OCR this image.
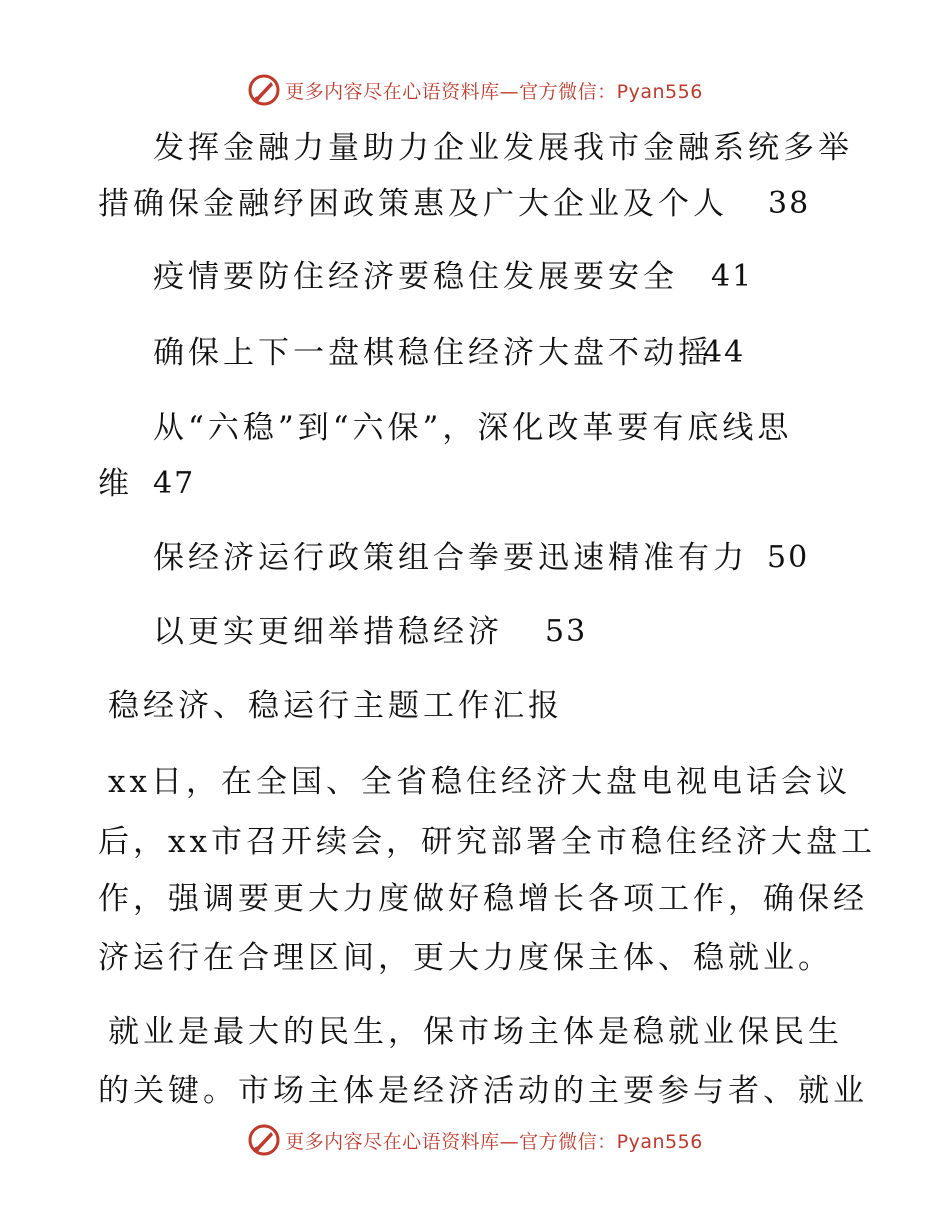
更多内容尽在心语资料库—官方微信：Pyan556
发挥金融力量助力企业发展我市金融系统多举
措确保金融纾困政策惠及广大企业及个人 38
疫情要防住经济要稳住发展要安全 41
确保上下一盘棋稳住经济大盘不动摇
44
从“六稳”到“六保”，深化改革要有底线思
维 47
保经济运行政策组合拳要迅速精准有力 50
以更实更细举措稳经济 53
稳经济、稳运行主题工作汇报
xx日，在全国、全省稳住经济大盘电视电话会议
后，xx市召开续会，研究部署全市稳住经济大盘工
作，强调要更大力度做好稳增长各项工作，确保经
济运行在合理区间，更大力度保主体、稳就业。
就业是最大的民生，保市场主体是稳就业保民生
的关键。市场主体是经济活动的主要参与者、就业
更多内容尽在心语资料库—官方微信：Pyan556
